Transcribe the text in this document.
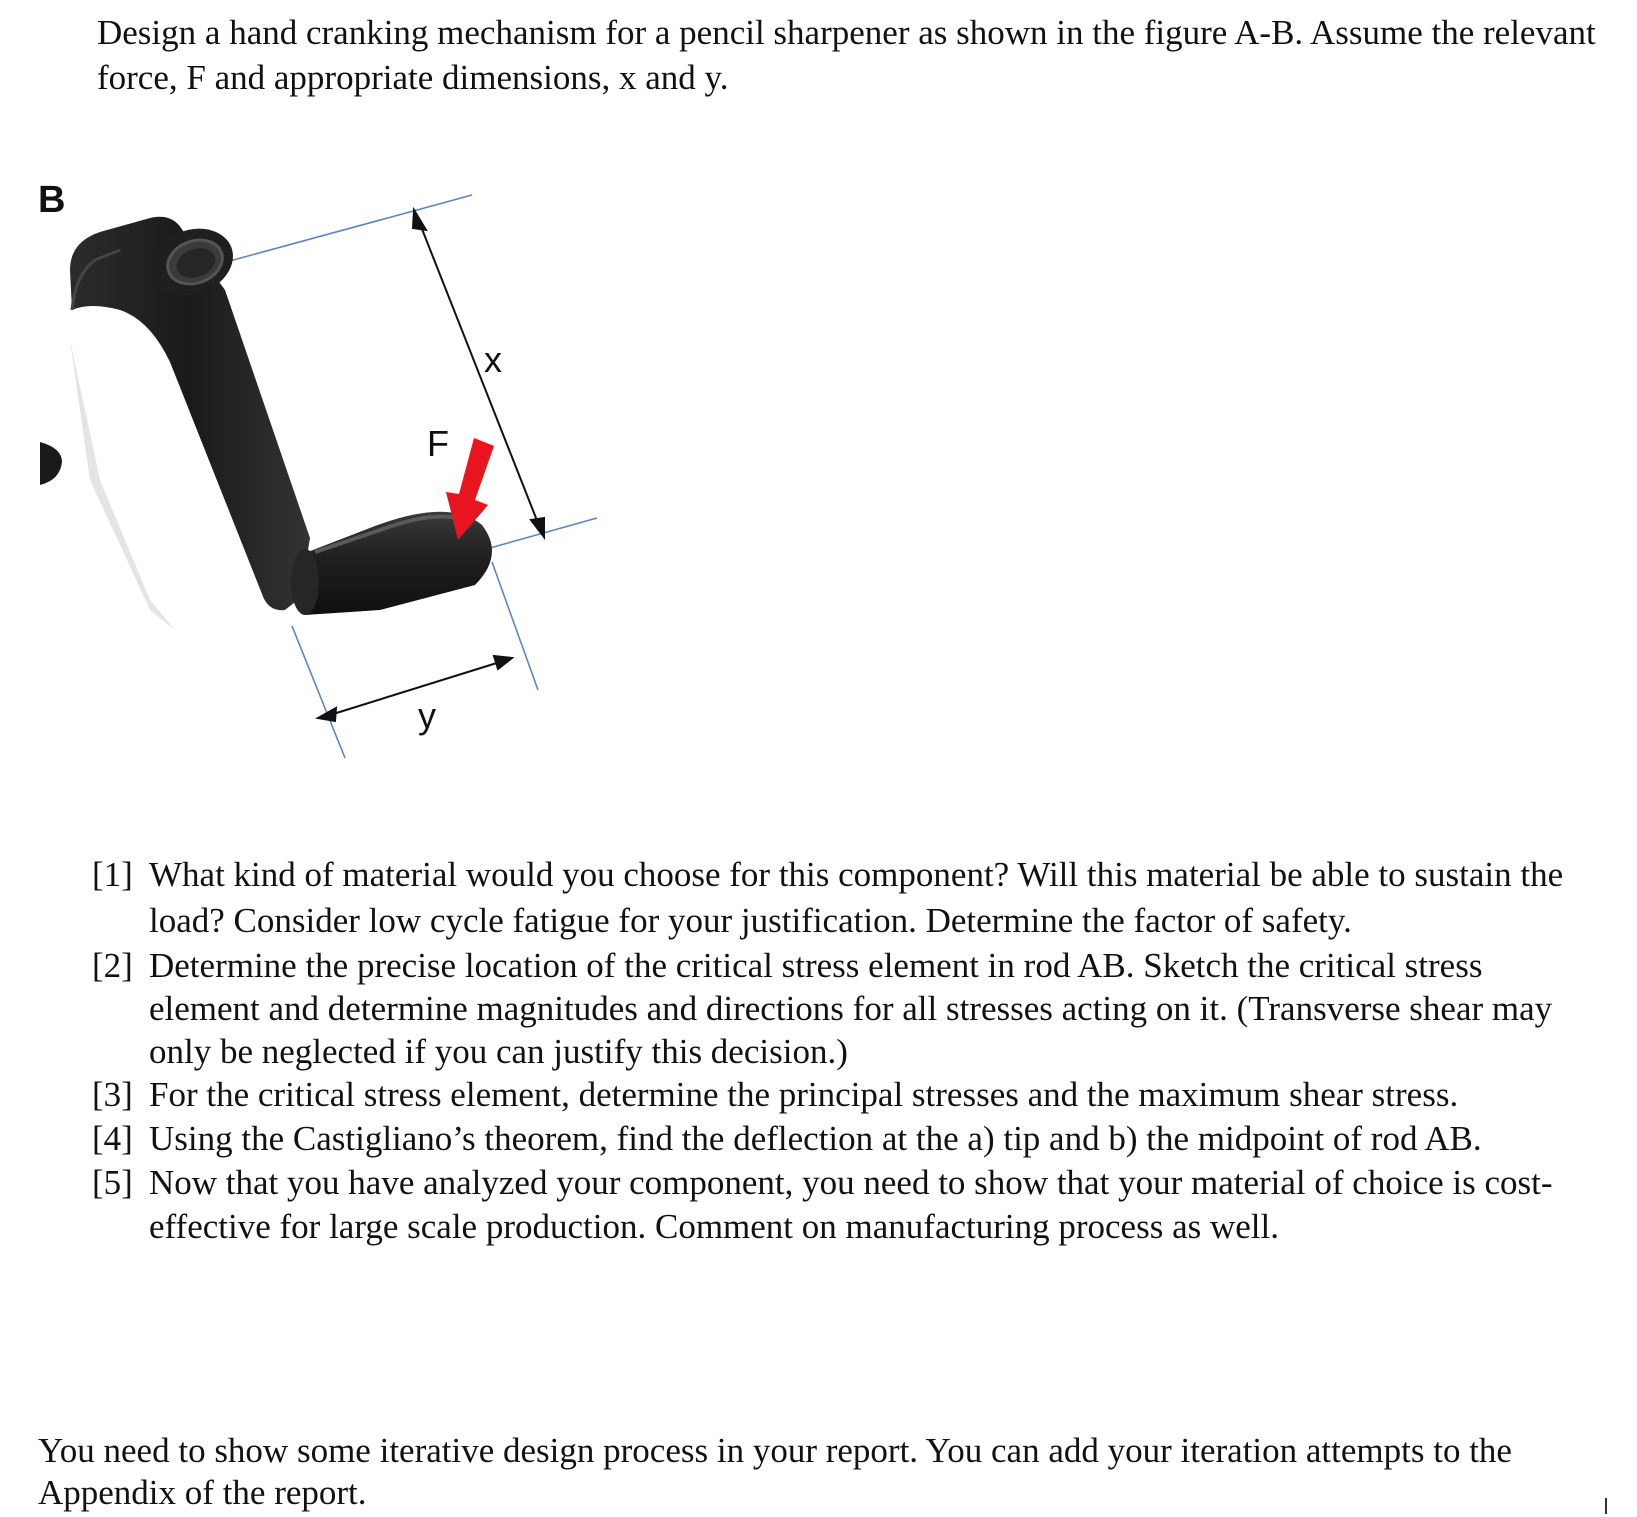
Design a hand cranking mechanism for a pencil sharpener as shown in the figure A-B. Assume the relevant force, F and appropriate dimensions, x and y.

B
x
F
y
[1] What kind of material would you choose for this component? Will this material be able to sustain the load? Consider low cycle fatigue for your justification. Determine the factor of safety.
[2] Determine the precise location of the critical stress element in rod AB. Sketch the critical stress element and determine magnitudes and directions for all stresses acting on it. (Transverse shear may only be neglected if you can justify this decision.)
[3] For the critical stress element, determine the principal stresses and the maximum shear stress.
[4] Using the Castigliano’s theorem, find the deflection at the a) tip and b) the midpoint of rod AB.
[5] Now that you have analyzed your component, you need to show that your material of choice is cost-effective for large scale production. Comment on manufacturing process as well.

You need to show some iterative design process in your report. You can add your iteration attempts to the Appendix of the report.
